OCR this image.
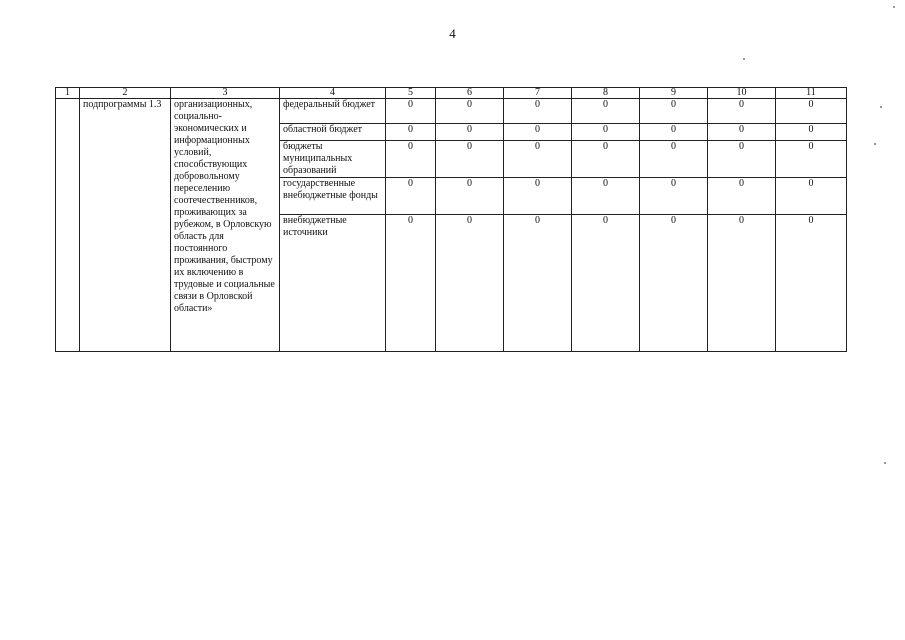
4
1	2	3	4	5	6	7	8	9	10	11
	подпрограммы 1.3	организационных, социально-экономических и информационных условий, способствующих добровольному переселению соотечественников, проживающих за рубежом, в Орловскую область для постоянного проживания, быстрому их включению в трудовые и социальные связи в Орловской области»	федеральный бюджет	0	0	0	0	0	0	0
			областной бюджет	0	0	0	0	0	0	0
			бюджеты муниципальных образований	0	0	0	0	0	0	0
			государственные внебюджетные фонды	0	0	0	0	0	0	0
			внебюджетные источники	0	0	0	0	0	0	0
